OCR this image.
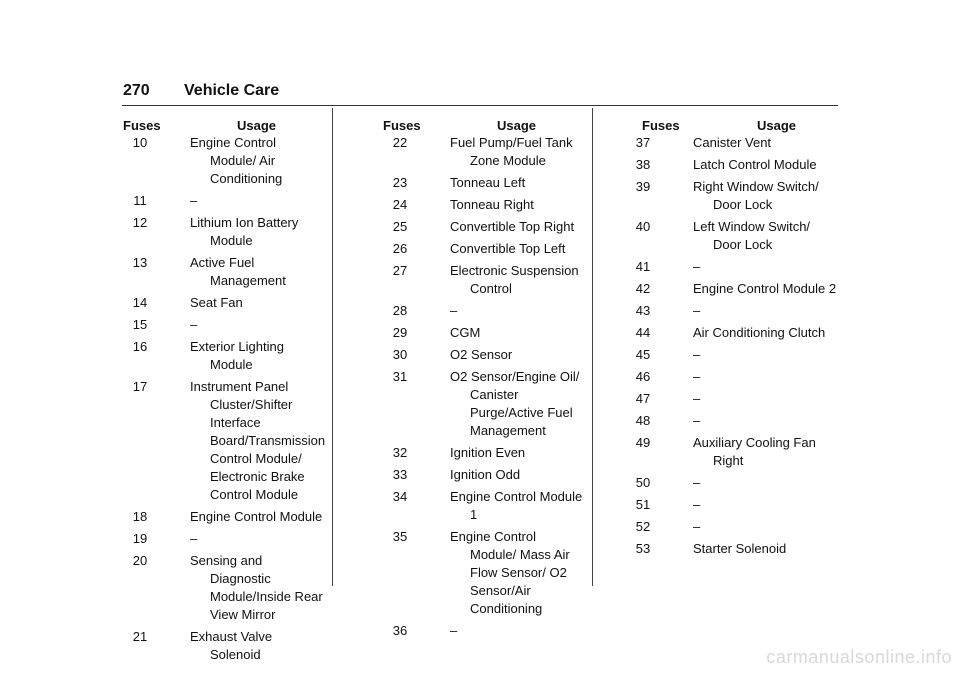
270 Vehicle Care
Fuses	Usage
10	Engine Control Module/ Air Conditioning
11	–
12	Lithium Ion Battery Module
13	Active Fuel Management
14	Seat Fan
15	–
16	Exterior Lighting Module
17	Instrument Panel Cluster/Shifter Interface Board/Transmission Control Module/ Electronic Brake Control Module
18	Engine Control Module
19	–
20	Sensing and Diagnostic Module/Inside Rear View Mirror
21	Exhaust Valve Solenoid
Fuses	Usage
22	Fuel Pump/Fuel Tank Zone Module
23	Tonneau Left
24	Tonneau Right
25	Convertible Top Right
26	Convertible Top Left
27	Electronic Suspension Control
28	–
29	CGM
30	O2 Sensor
31	O2 Sensor/Engine Oil/ Canister Purge/Active Fuel Management
32	Ignition Even
33	Ignition Odd
34	Engine Control Module 1
35	Engine Control Module/ Mass Air Flow Sensor/ O2 Sensor/Air Conditioning
36	–
Fuses	Usage
37	Canister Vent
38	Latch Control Module
39	Right Window Switch/ Door Lock
40	Left Window Switch/ Door Lock
41	–
42	Engine Control Module 2
43	–
44	Air Conditioning Clutch
45	–
46	–
47	–
48	–
49	Auxiliary Cooling Fan Right
50	–
51	–
52	–
53	Starter Solenoid
carmanualsonline.info
